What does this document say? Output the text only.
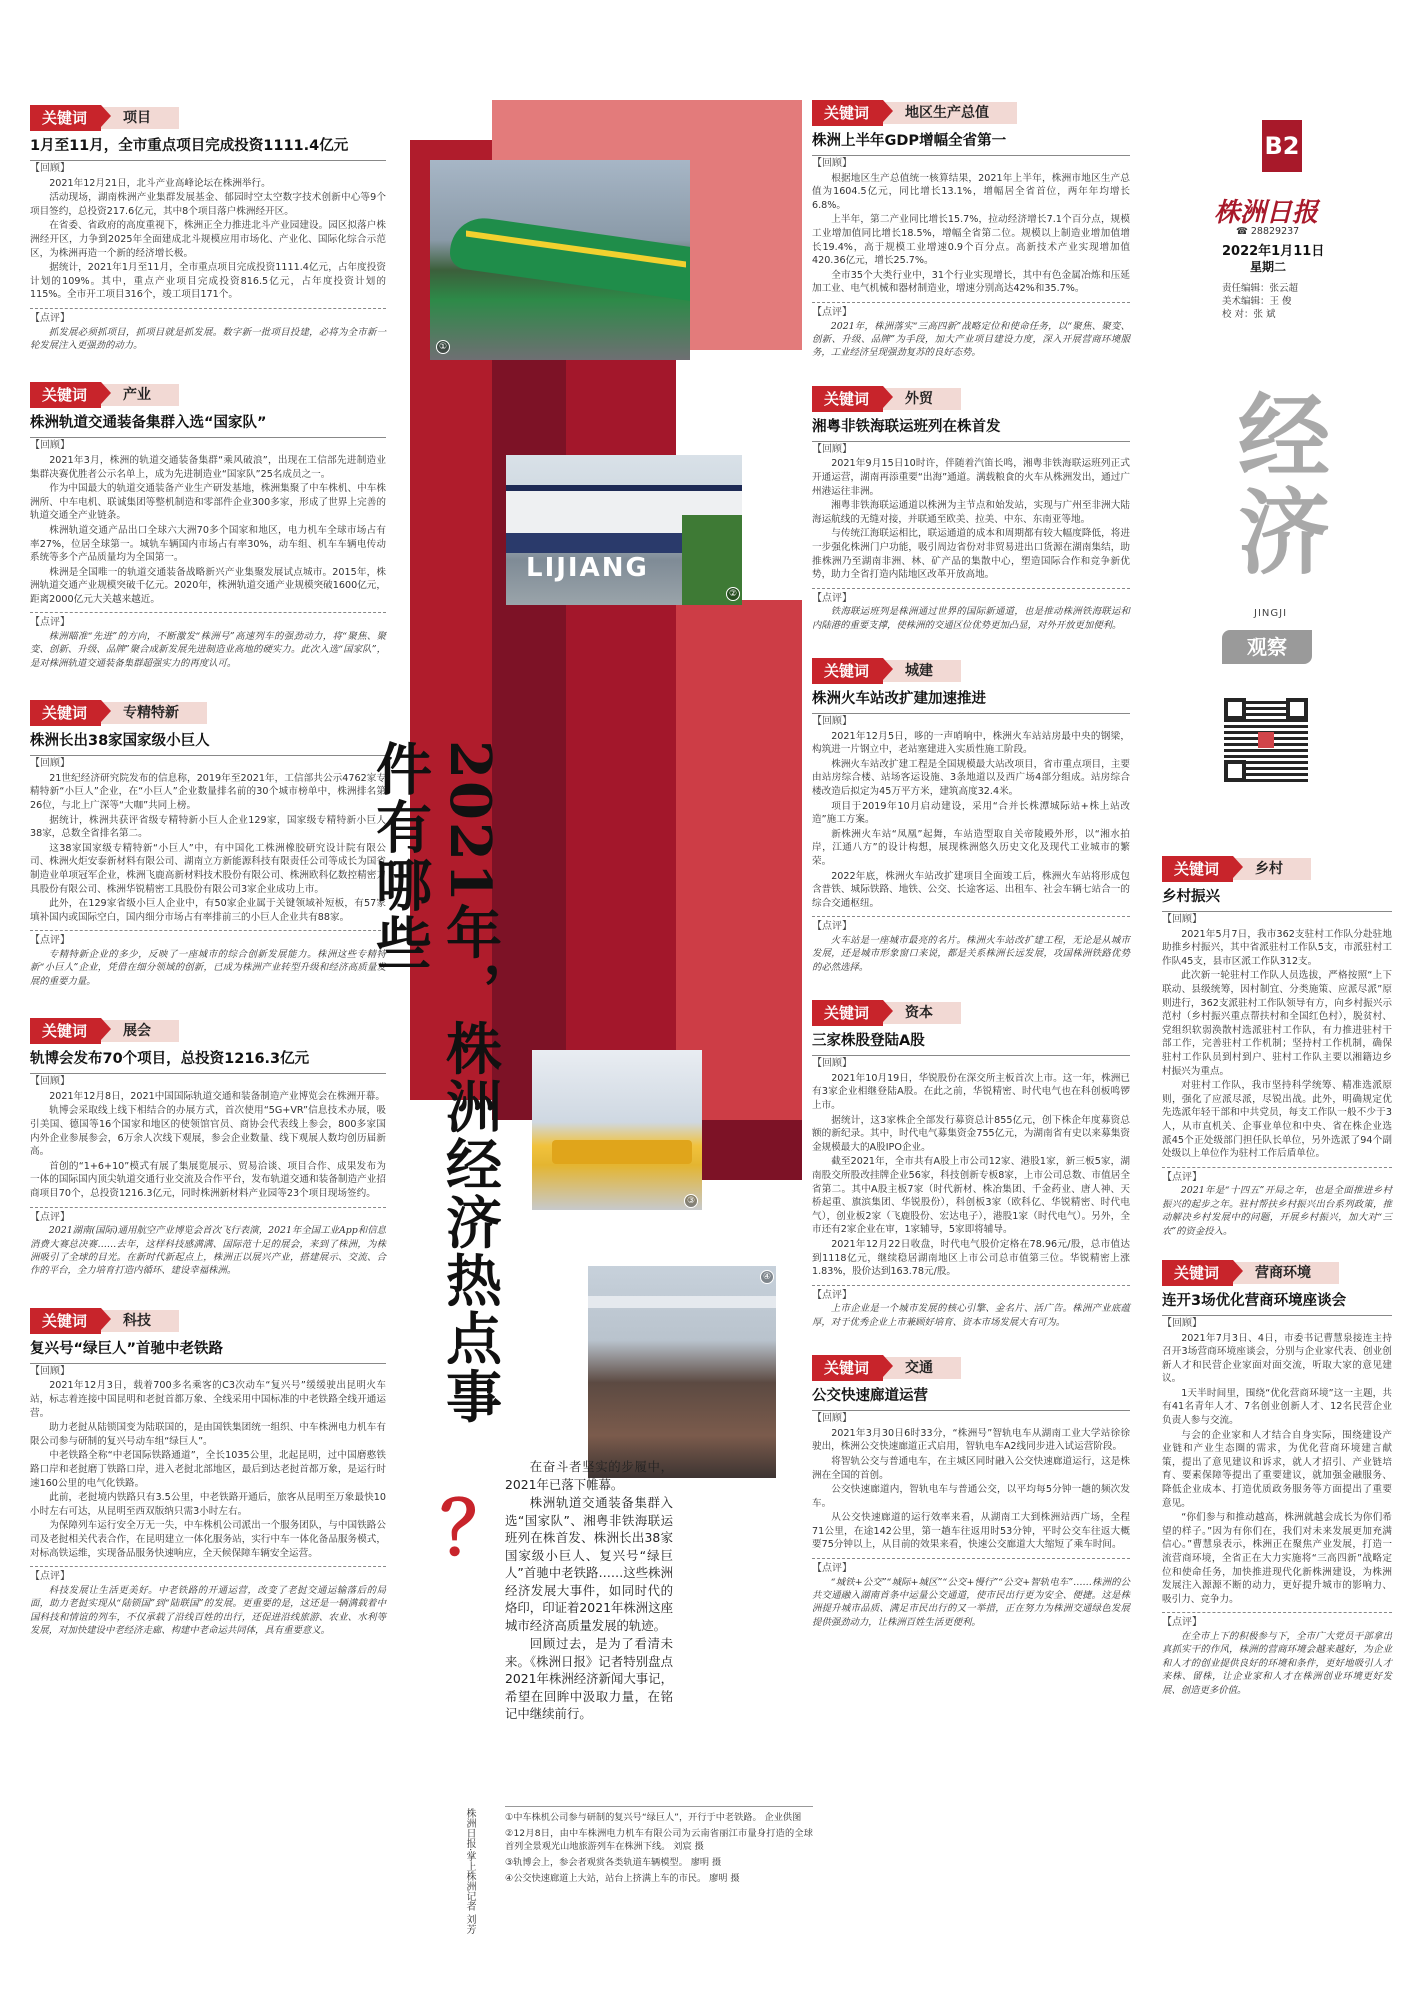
关键词	项目
1月至11月，全市重点项目完成投资1111.4亿元
【回顾】

2021年12月21日，北斗产业高峰论坛在株洲举行。

活动现场，湖南株洲产业集群发展基金、郁园时空太空数字技术创新中心等9个项目签约，总投资217.6亿元，其中8个项目落户株洲经开区。

在省委、省政府的高度重视下，株洲正全力推进北斗产业园建设。园区拟落户株洲经开区，力争到2025年全面建成北斗规模应用市场化、产业化、国际化综合示范区，为株洲再造一个新的经济增长极。

据统计，2021年1月至11月，全市重点项目完成投资1111.4亿元，占年度投资计划的109%。其中，重点产业项目完成投资816.5亿元，占年度投资计划的115%。全市开工项目316个，竣工项目171个。

【点评】
抓发展必须抓项目，抓项目就是抓发展。数字新一批项目投建，必将为全市新一轮发展注入更强劲的动力。
关键词	产业
株洲轨道交通装备集群入选“国家队”
【回顾】

2021年3月，株洲的轨道交通装备集群“乘风破浪”，出现在工信部先进制造业集群决赛优胜者公示名单上，成为先进制造业“国家队”25名成员之一。

作为中国最大的轨道交通装备产业生产研发基地，株洲集聚了中车株机、中车株洲所、中车电机、联诚集团等整机制造和零部件企业300多家，形成了世界上完善的轨道交通全产业链条。

株洲轨道交通产品出口全球六大洲70多个国家和地区，电力机车全球市场占有率27%，位居全球第一。城轨车辆国内市场占有率30%，动车组、机车车辆电传动系统等多个产品质量均为全国第一。

株洲是全国唯一的轨道交通装备战略新兴产业集聚发展试点城市。2015年，株洲轨道交通产业规模突破千亿元。2020年，株洲轨道交通产业规模突破1600亿元，距离2000亿元大关越来越近。

【点评】
株洲瞄准“先进”的方向，不断激发“株洲号”高速列车的强劲动力，将“聚焦、聚变、创新、升级、品牌”聚合成新发展先进制造业高地的硬实力。此次入选“国家队”，是对株洲轨道交通装备集群超强实力的再度认可。
关键词	专精特新
株洲长出38家国家级小巨人
【回顾】

21世纪经济研究院发布的信息称，2019年至2021年，工信部共公示4762家专精特新“小巨人”企业，在“小巨人”企业数量排名前的30个城市榜单中，株洲排名第26位，与北上广深等“大咖”共同上榜。

据统计，株洲共获评省级专精特新小巨人企业129家，国家级专精特新小巨人38家，总数全省排名第二。

这38家国家级专精特新“小巨人”中，有中国化工株洲橡胶研究设计院有限公司、株洲火炬安泰新材料有限公司、湖南立方新能源科技有限责任公司等成长为国省制造业单项冠军企业，株洲飞鹿高新材料技术股份有限公司、株洲欧科亿数控精密刀具股份有限公司、株洲华锐精密工具股份有限公司3家企业成功上市。

此外，在129家省级小巨人企业中，有50家企业属于关键领域补短板，有57家填补国内或国际空白，国内细分市场占有率排前三的小巨人企业共有88家。

【点评】
专精特新企业的多少，反映了一座城市的综合创新发展能力。株洲这些专精特新“小巨人”企业，凭借在细分领域的创新，已成为株洲产业转型升级和经济高质量发展的重要力量。
关键词	展会
轨博会发布70个项目，总投资1216.3亿元
【回顾】

2021年12月8日，2021中国国际轨道交通和装备制造产业博览会在株洲开幕。

轨博会采取线上线下相结合的办展方式，首次使用“5G+VR”信息技术办展，吸引美国、德国等16个国家和地区的使领馆官员、商协会代表线上参会，800多家国内外企业参展参会，6万余人次线下观展，参会企业数量、线下观展人数均创历届新高。

首创的“1+6+10”模式有展了集展览展示、贸易洽谈、项目合作、成果发布为一体的国际国内顶尖轨道交通行业交流及合作平台，发布轨道交通和装备制造产业招商项目70个，总投资1216.3亿元，同时株洲新材料产业园等23个项目现场签约。

【点评】
2021湖南(国际)通用航空产业博览会首次飞行表演，2021年全国工业App和信息消费大赛总决赛……去年，这样科技感满满、国际范十足的展会，来到了株洲，为株洲吸引了全球的目光。在新时代新起点上，株洲正以展兴产业，搭建展示、交流、合作的平台，全力培育打造内循环、建设幸福株洲。
关键词	科技
复兴号“绿巨人”首驰中老铁路
【回顾】

2021年12月3日，载着700多名乘客的C3次动车“复兴号”缓缓驶出昆明火车站，标志着连接中国昆明和老挝首都万象、全线采用中国标准的中老铁路全线开通运营。

助力老挝从陆锁国变为陆联国的，是由国铁集团统一组织、中车株洲电力机车有限公司参与研制的复兴号动车组“绿巨人”。

中老铁路全称“中老国际铁路通道”，全长1035公里，北起昆明，过中国磨憨铁路口岸和老挝磨丁铁路口岸，进入老挝北部地区，最后到达老挝首都万象，是运行时速160公里的电气化铁路。

此前，老挝境内铁路只有3.5公里，中老铁路开通后，旅客从昆明至万象最快10小时左右可达，从昆明至西双版纳只需3小时左右。

为保障列车运行安全万无一失，中车株机公司派出一个服务团队，与中国铁路公司及老挝相关代表合作，在昆明建立一体化服务站，实行中车一体化备品服务模式，对标高铁运维，实现备品服务快速响应，全天候保障车辆安全运营。

【点评】
科技发展让生活更美好。中老铁路的开通运营，改变了老挝交通运输落后的局面，助力老挝实现从“陆锁国”到“陆联国”的发展。更重要的是，这还是一辆满载着中国科技和情谊的列车，不仅承载了沿线百姓的出行，还促进沿线旅游、农业、水利等发展，对加快建设中老经济走廊、构建中老命运共同体，具有重要意义。
①
LIJIANG
②
③
④
2021年，株洲经济热点事件有哪些
？
株洲日报·掌上株洲记者 刘芳

在奋斗者坚实的步履中，2021年已落下帷幕。

株洲轨道交通装备集群入选“国家队”、湘粤非铁海联运班列在株首发、株洲长出38家国家级小巨人、复兴号“绿巨人”首驰中老铁路……这些株洲经济发展大事件，如同时代的烙印，印证着2021年株洲这座城市经济高质量发展的轨迹。

回顾过去，是为了看清未来。《株洲日报》记者特别盘点2021年株洲经济新闻大事记，希望在回眸中汲取力量，在铭记中继续前行。

①中车株机公司参与研制的复兴号“绿巨人”，开行于中老铁路。 企业供图
②12月8日，由中车株洲电力机车有限公司为云南省丽江市量身打造的全球首列全景观光山地旅游列车在株洲下线。 刘宸 摄
③轨博会上，参会者观赏各类轨道车辆模型。 廖明 摄
④公交快速廊道上大站，站台上挤满上车的市民。 廖明 摄
关键词	地区生产总值
株洲上半年GDP增幅全省第一
【回顾】

根据地区生产总值统一核算结果，2021年上半年，株洲市地区生产总值为1604.5亿元，同比增长13.1%，增幅居全省首位，两年年均增长6.8%。

上半年，第二产业同比增长15.7%，拉动经济增长7.1个百分点，规模工业增加值同比增长18.5%，增幅全省第二位。规模以上制造业增加值增长19.4%，高于规模工业增速0.9个百分点。高新技术产业实现增加值420.36亿元，增长25.7%。

全市35个大类行业中，31个行业实现增长，其中有色金属冶炼和压延加工业、电气机械和器材制造业，增速分别高达42%和35.7%。

【点评】
2021年，株洲落实“三高四新”战略定位和使命任务，以“聚焦、聚变、创新、升级、品牌”为手段，加大产业项目建设力度，深入开展营商环境服务，工业经济呈现强劲复苏的良好态势。
关键词	外贸
湘粤非铁海联运班列在株首发
【回顾】

2021年9月15日10时许，伴随着汽笛长鸣，湘粤非铁海联运班列正式开通运营，湖南再添重要“出海”通道。满载粮食的火车从株洲发出，通过广州港运往非洲。

湘粤非铁海联运通道以株洲为主节点和始发站，实现与广州至非洲大陆海运航线的无缝对接，并联通至欧美、拉美、中东、东南亚等地。

与传统江海联运相比，联运通道的成本和周期都有较大幅度降低，将进一步强化株洲门户功能，吸引周边省份对非贸易进出口货源在湖南集结，助推株洲乃至湖南非洲、林、矿产品的集散中心，塑造国际合作和竞争新优势，助力全省打造内陆地区改革开放高地。

【点评】
铁海联运班列是株洲通过世界的国际新通道，也是推动株洲铁海联运和内陆港的重要支撑，使株洲的交通区位优势更加凸显，对外开放更加便利。
关键词	城建
株洲火车站改扩建加速推进
【回顾】

2021年12月5日，哆的一声哨响中，株洲火车站站房最中央的钢梁，构筑进一片钢立中，老站塞建进入实质性施工阶段。

株洲火车站改扩建工程是全国规模最大站改项目，省市重点项目，主要由站房综合楼、站场客运设施、3条地道以及西广场4部分组成。站房综合楼改造后拟定为45万平方米，建筑高度32.4米。

项目于2019年10月启动建设，采用“合并长株潭城际站+株上站改造”施工方案。

新株洲火车站“凤凰”起舞，车站造型取自关帝陵殿外形，以“湘水拍岸，江通八方”的设计构想，展现株洲悠久历史文化及现代工业城市的繁荣。

2022年底，株洲火车站改扩建项目全面竣工后，株洲火车站将形成包含普铁、城际铁路、地铁、公交、长途客运、出租车、社会车辆七站合一的综合交通枢纽。

【点评】
火车站是一座城市最亮的名片。株洲火车站改扩建工程，无论是从城市发展，还是城市形象窗口来说，都是关系株洲长远发展，攻国株洲铁路优势的必然选择。
关键词	资本
三家株股登陆A股
【回顾】

2021年10月19日，华锐股份在深交所主板首次上市。这一年，株洲已有3家企业相继登陆A股。在此之前，华锐精密、时代电气也在科创板鸣锣上市。

据统计，这3家株企全部发行募资总计855亿元，创下株企年度募资总额的新纪录。其中，时代电气募集资金755亿元，为湖南省有史以来募集资金规模最大的A股IPO企业。

截至2021年，全市共有A股上市公司12家、港股1家，新三板5家，湖南股交所股改挂牌企业56家，科技创新专板8家，上市公司总数、市值居全省第二。其中A股主板7家（时代新材、株冶集团、千金药业、唐人神、天桥起重、旗滨集团、华锐股份），科创板3家（欧科亿、华锐精密、时代电气），创业板2家（飞鹿股份、宏达电子），港股1家（时代电气）。另外，全市还有2家企业在审，1家辅导，5家即将辅导。

2021年12月22日收盘，时代电气股价定格在78.96元/股，总市值达到1118亿元，继续稳居湖南地区上市公司总市值第三位。华锐精密上涨1.83%，股价达到163.78元/股。

【点评】
上市企业是一个城市发展的核心引擎、金名片、活广告。株洲产业底蕴厚，对于优秀企业上市兼顾好培育、资本市场发展大有可为。
关键词	交通
公交快速廊道运营
【回顾】

2021年3月30日6时33分，“株洲号”智轨电车从湖南工业大学站徐徐驶出，株洲公交快速廊道正式启用，智轨电车A2线同步进入试运营阶段。

将智轨公交与普通电车，在主城区同时融入公交快速廊道运行，这是株洲在全国的首创。

公交快速廊道内，智轨电车与普通公交，以平均每5分钟一趟的频次发车。

从公交快速廊道的运行效率来看，从湖南工大到株洲站西广场，全程71公里，在途142公里，第一趟车往返用时53分钟，平时公交车往返大概要75分钟以上，从目前的效果来看，快速公交廊道大大缩短了乘车时间。

【点评】
“城铁+公交”“城际+城区”“公交+慢行”“公交+智轨电车”……株洲的公共交通融入湖南首条中运量公交通道，使市民出行更为安全、便捷。这是株洲提升城市品质、满足市民出行的又一举措，正在努力为株洲交通绿色发展提供强劲动力，让株洲百姓生活更便利。
B2
株洲日报
☎ 28829237
2022年1月11日
星期二
责任编辑：张云超
美术编辑：王 俊
校 对：张 斌
经济
JINGJI
观察
关键词	乡村
乡村振兴
【回顾】

2021年5月7日，我市362支驻村工作队分赴驻地助推乡村振兴，其中省派驻村工作队5支，市派驻村工作队45支，县市区派工作队312支。

此次新一轮驻村工作队人员选拔，严格按照“上下联动、县级统筹，因村制宜、分类施策、应派尽派”原则进行，362支派驻村工作队领导有方，向乡村振兴示范村（乡村振兴重点帮扶村和全国红色村），脱贫村、党组织软弱涣散村选派驻村工作队，有力推进驻村干部工作，完善驻村工作机制；坚持村工作机制，确保驻村工作队员到村到户、驻村工作队主要以湘籍边乡村振兴为重点。

对驻村工作队，我市坚持科学统筹、精准选派原则，强化了应派尽派，尽锐出战。此外，明确规定优先选派年轻干部和中共党员，每支工作队一般不少于3人，从市直机关、企事业单位和中央、省在株企业选派45个正处级部门担任队长单位，另外选派了94个副处级以上单位作为驻村工作后盾单位。

【点评】
2021年是“十四五”开局之年，也是全面推进乡村振兴的起步之年。驻村帮扶乡村振兴出台系列政策，推动解决乡村发展中的问题，开展乡村振兴，加大对“三农”的资金投入。
关键词	营商环境
连开3场优化营商环境座谈会
【回顾】

2021年7月3日、4日，市委书记曹慧泉接连主持召开3场营商环境座谈会，分别与企业家代表、创业创新人才和民营企业家面对面交流，听取大家的意见建议。

1天半时间里，围绕“优化营商环境”这一主题，共有41名青年人才、7名创业创新人才、12名民营企业负责人参与交流。

与会的企业家和人才结合自身实际，围绕建设产业链和产业生态圈的需求，为优化营商环境建言献策，提出了意见建议和诉求，就人才招引、产业链培育、要素保障等提出了重要建议，就加强金融服务、降低企业成本、打造优质政务服务等方面提出了重要意见。

“你们参与和推动越高，株洲就越会成长为你们希望的样子。”因为有你们在，我们对未来发展更加充满信心。”曹慧泉表示，株洲正在聚焦产业发展，打造一流营商环境，全省正在大力实施将“三高四新”战略定位和使命任务，加快推进现代化新株洲建设，为株洲发展注入源源不断的动力，更好提升城市的影响力、吸引力、竞争力。

【点评】
在全市上下的积极参与下，全市广大党员干部拿出真抓实干的作风，株洲的营商环境会越来越好，为企业和人才的创业提供良好的环境和条件，更好地吸引人才来株、留株，让企业家和人才在株洲创业环境更好发展、创造更多价值。
